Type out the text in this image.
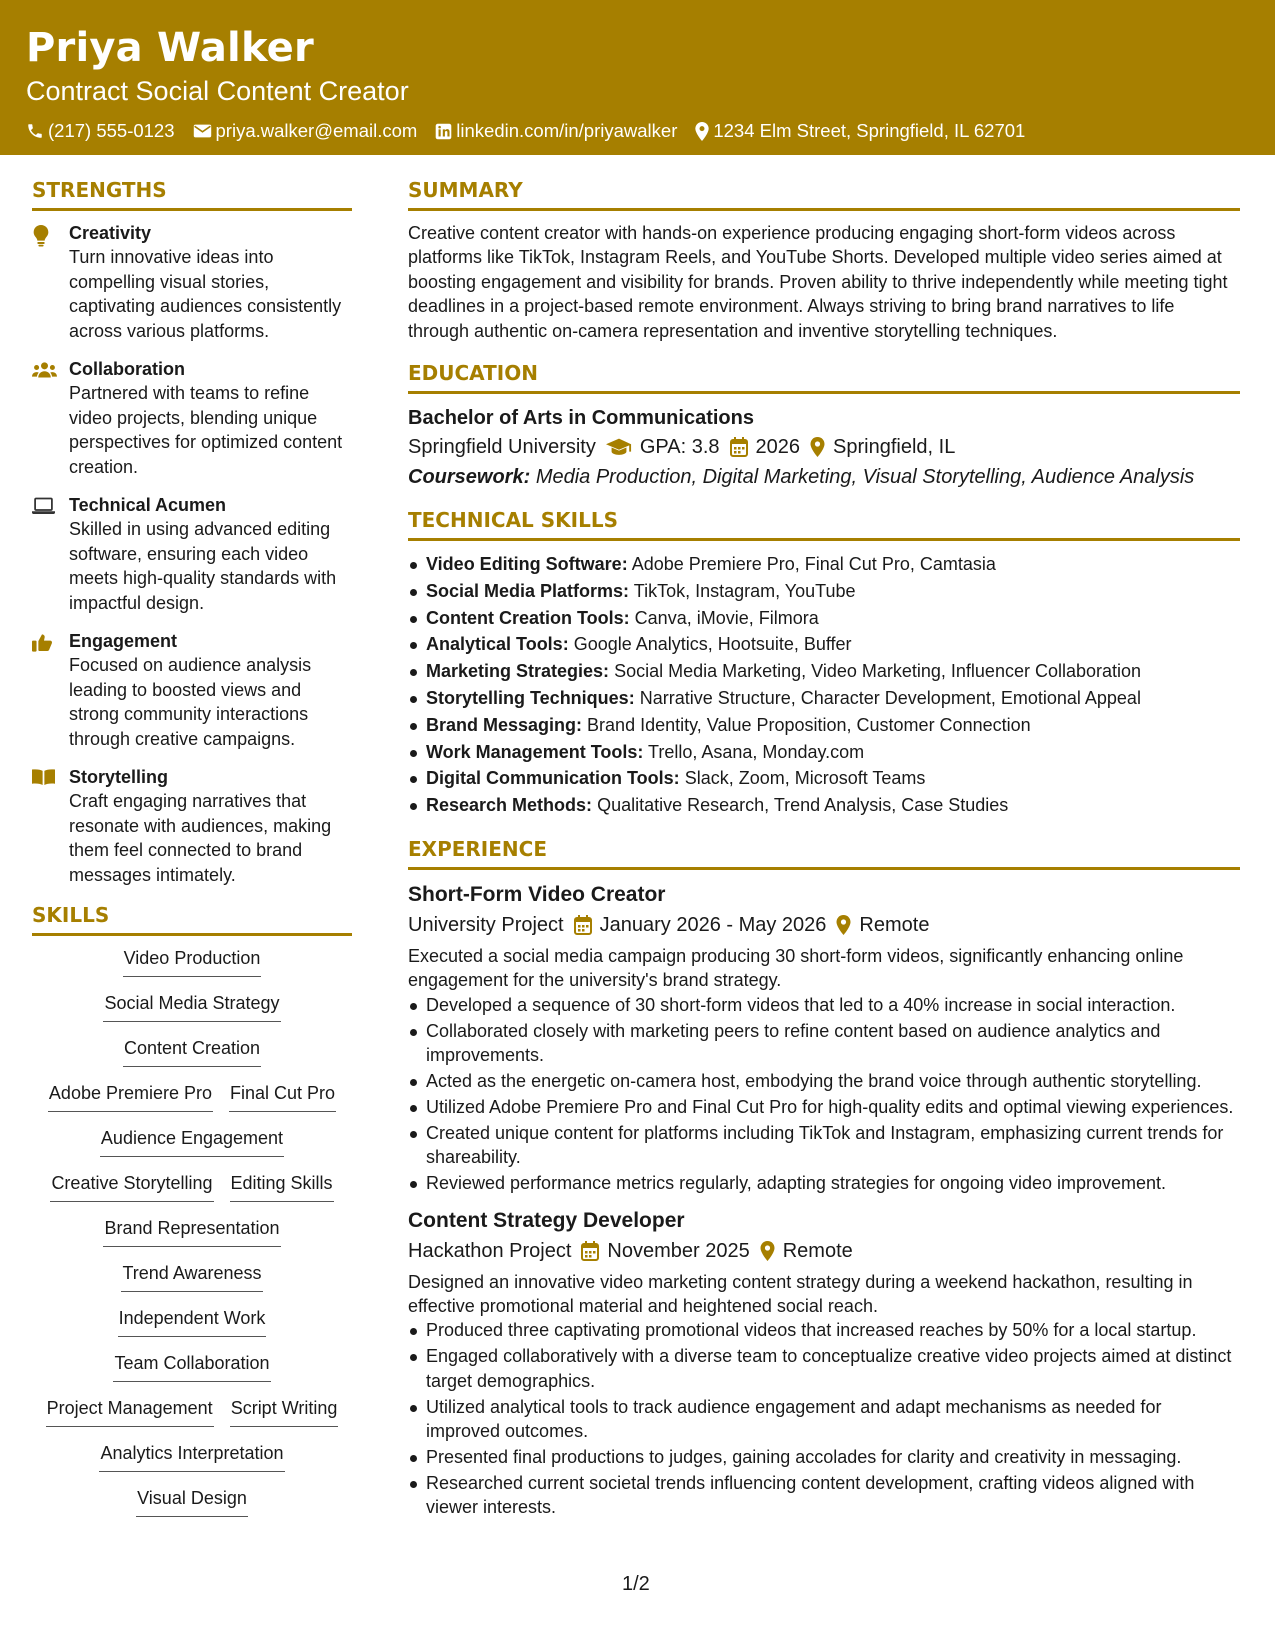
Priya Walker
Contract Social Content Creator
(217) 555-0123 priya.walker@email.com linkedin.com/in/priyawalker 1234 Elm Street, Springfield, IL 62701
STRENGTHS
Creativity
Turn innovative ideas into compelling visual stories, captivating audiences consistently across various platforms.
Collaboration
Partnered with teams to refine video projects, blending unique perspectives for optimized content creation.
Technical Acumen
Skilled in using advanced editing software, ensuring each video meets high-quality standards with impactful design.
Engagement
Focused on audience analysis leading to boosted views and strong community interactions through creative campaigns.
Storytelling
Craft engaging narratives that resonate with audiences, making them feel connected to brand messages intimately.
SKILLS
Video Production
Social Media Strategy
Content Creation
Adobe Premiere Pro Final Cut Pro
Audience Engagement
Creative Storytelling Editing Skills
Brand Representation
Trend Awareness
Independent Work
Team Collaboration
Project Management Script Writing
Analytics Interpretation
Visual Design
SUMMARY
Creative content creator with hands-on experience producing engaging short-form videos across platforms like TikTok, Instagram Reels, and YouTube Shorts. Developed multiple video series aimed at boosting engagement and visibility for brands. Proven ability to thrive independently while meeting tight deadlines in a project-based remote environment. Always striving to bring brand narratives to life through authentic on-camera representation and inventive storytelling techniques.
EDUCATION
Bachelor of Arts in Communications
Springfield University GPA: 3.8 2026 Springfield, IL
Coursework: Media Production, Digital Marketing, Visual Storytelling, Audience Analysis
TECHNICAL SKILLS
Video Editing Software: Adobe Premiere Pro, Final Cut Pro, Camtasia
Social Media Platforms: TikTok, Instagram, YouTube
Content Creation Tools: Canva, iMovie, Filmora
Analytical Tools: Google Analytics, Hootsuite, Buffer
Marketing Strategies: Social Media Marketing, Video Marketing, Influencer Collaboration
Storytelling Techniques: Narrative Structure, Character Development, Emotional Appeal
Brand Messaging: Brand Identity, Value Proposition, Customer Connection
Work Management Tools: Trello, Asana, Monday.com
Digital Communication Tools: Slack, Zoom, Microsoft Teams
Research Methods: Qualitative Research, Trend Analysis, Case Studies
EXPERIENCE
Short-Form Video Creator
University Project January 2026 - May 2026 Remote
Executed a social media campaign producing 30 short-form videos, significantly enhancing online engagement for the university's brand strategy.
Developed a sequence of 30 short-form videos that led to a 40% increase in social interaction.
Collaborated closely with marketing peers to refine content based on audience analytics and improvements.
Acted as the energetic on-camera host, embodying the brand voice through authentic storytelling.
Utilized Adobe Premiere Pro and Final Cut Pro for high-quality edits and optimal viewing experiences.
Created unique content for platforms including TikTok and Instagram, emphasizing current trends for shareability.
Reviewed performance metrics regularly, adapting strategies for ongoing video improvement.
Content Strategy Developer
Hackathon Project November 2025 Remote
Designed an innovative video marketing content strategy during a weekend hackathon, resulting in effective promotional material and heightened social reach.
Produced three captivating promotional videos that increased reaches by 50% for a local startup.
Engaged collaboratively with a diverse team to conceptualize creative video projects aimed at distinct target demographics.
Utilized analytical tools to track audience engagement and adapt mechanisms as needed for improved outcomes.
Presented final productions to judges, gaining accolades for clarity and creativity in messaging.
Researched current societal trends influencing content development, crafting videos aligned with viewer interests.
1/2
